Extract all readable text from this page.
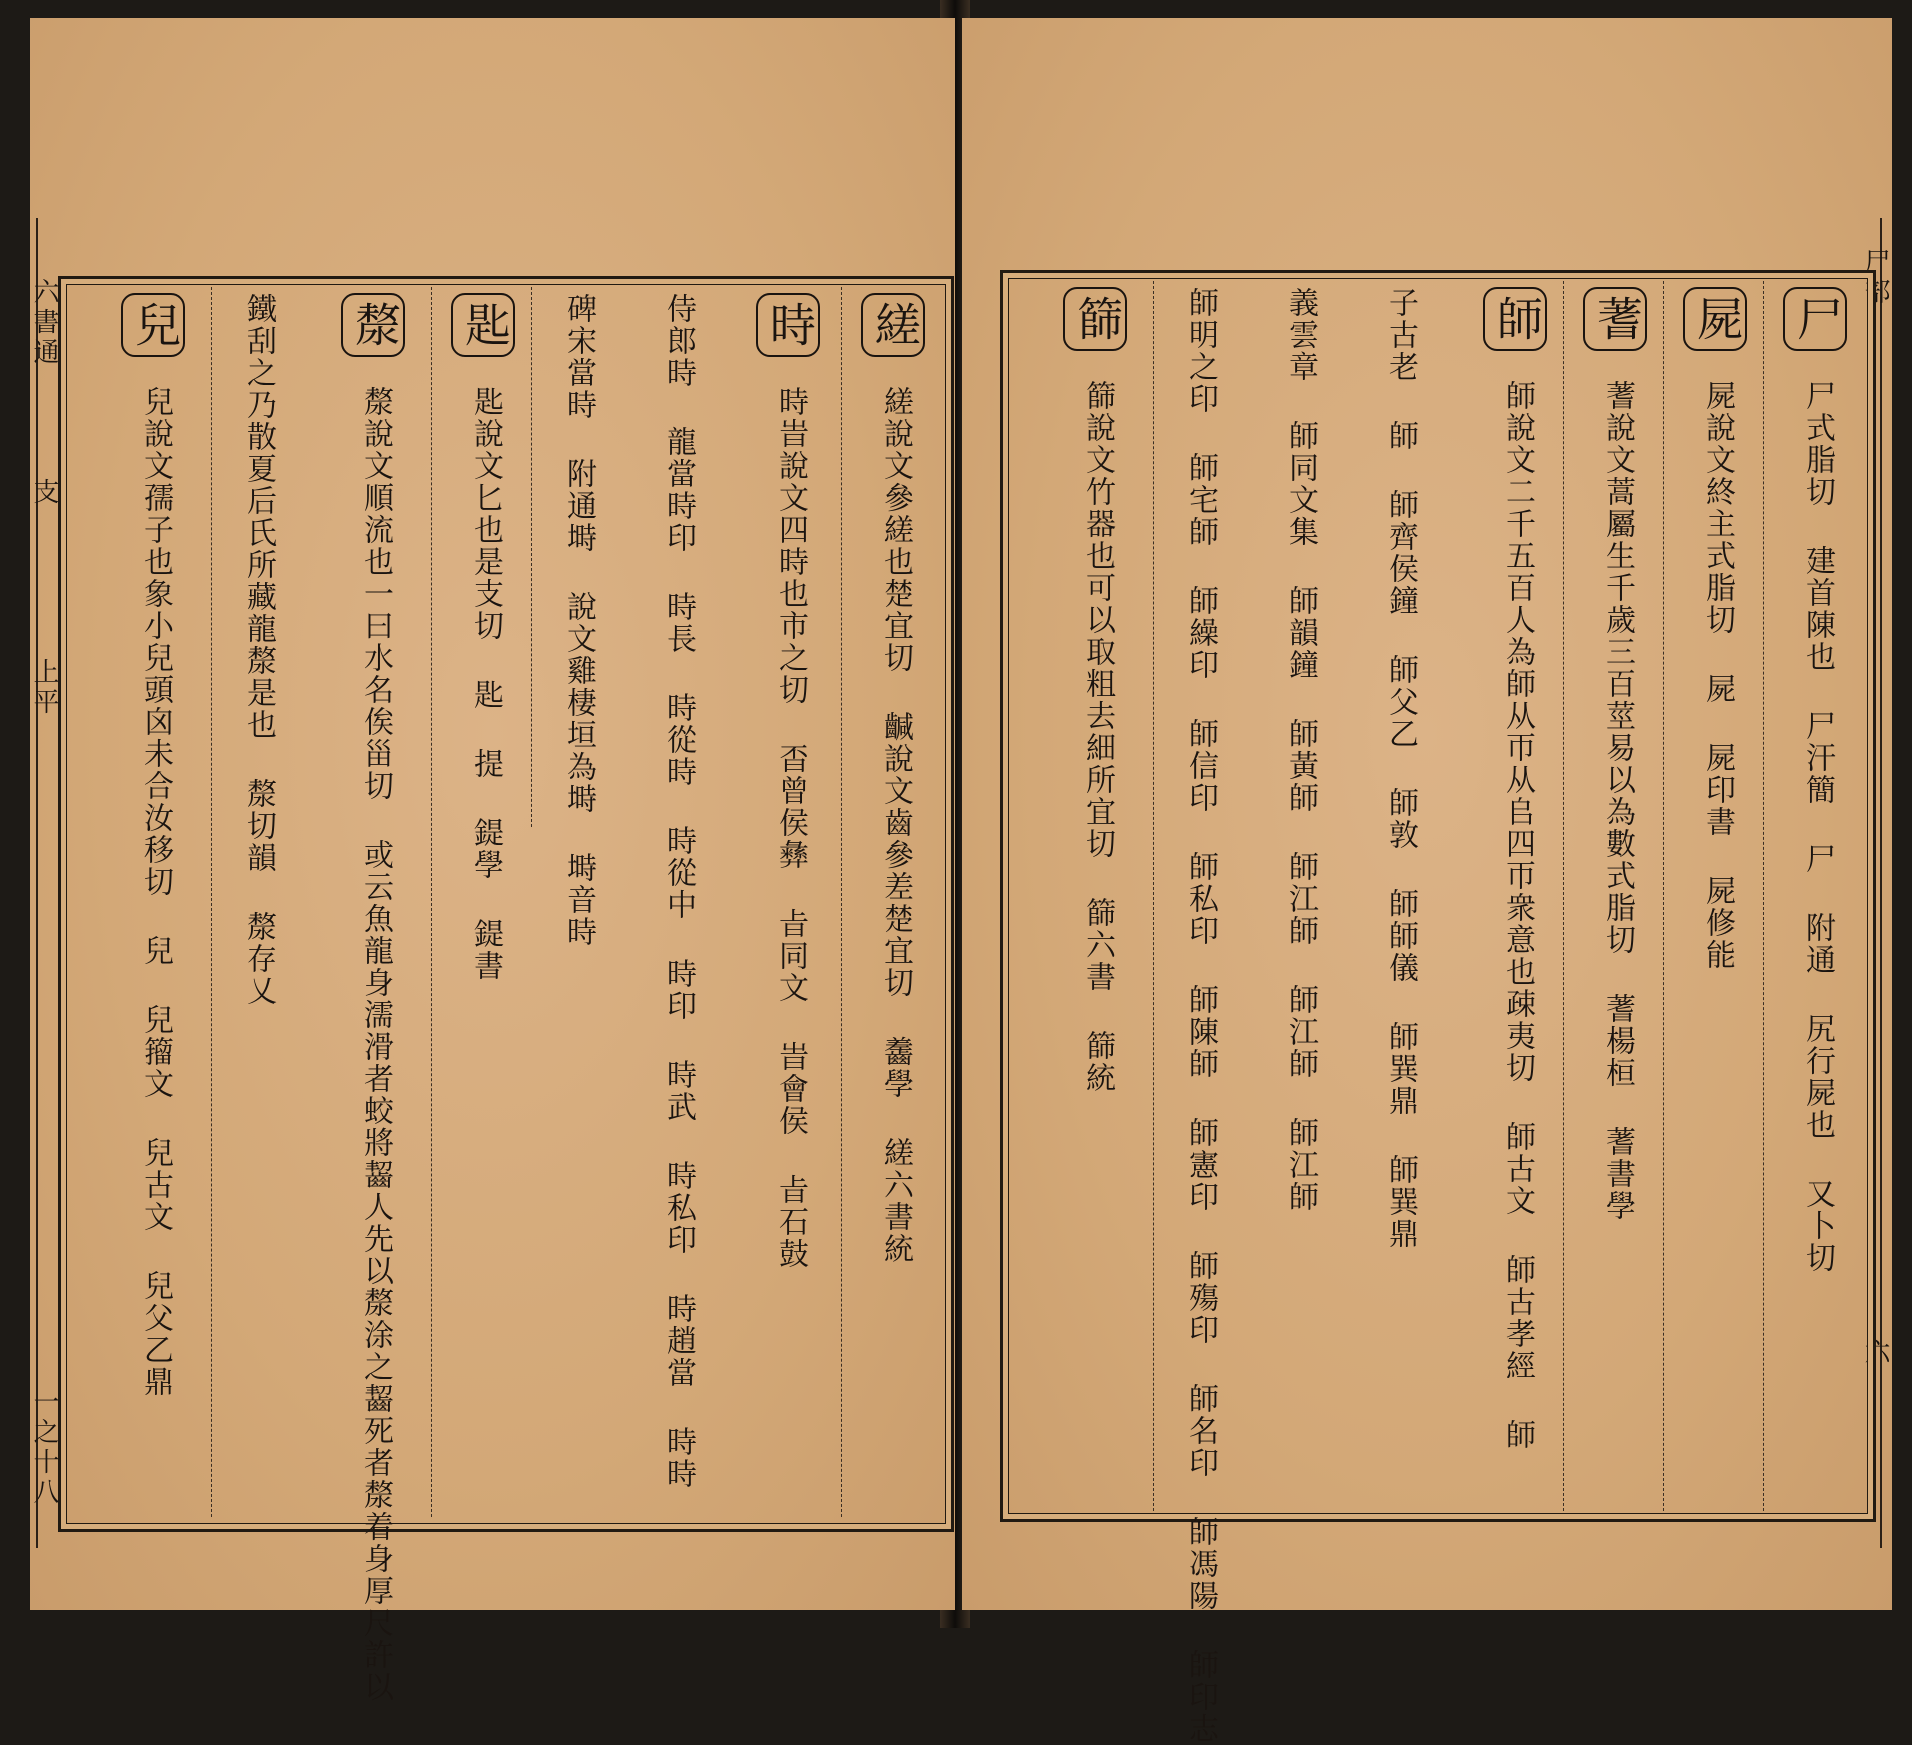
六書通
支
上平
一之十八
縒 縒說文參縒也楚宜切 䶢說文齒參差楚宜切 齹學 縒六書統
時 時旹說文四時也市之切 㫘曾侯彝 㫖同文 旹會侯 㫖石鼓
侍郎時 龍當時印 時長 時從時 時從中 時印 時武 時私印 時趙當 時時
碑宋當時 附通塒 說文雞棲垣為塒 塒音時
匙 匙說文匕也是支切 匙 提 鍉學 鍉書
漦 漦說文順流也一曰水名俟甾切 或云魚龍身濡滑者蛟將齧人先以漦涂之齧死者漦着身厚尺許以
鐵刮之乃散夏后氏所藏龍漦是也 漦切韻 漦存乂
兒 兒說文孺子也象小兒頭囟未合汝移切 兒 兒籀文 兒古文 兒父乙鼎
尸部
六
尸 尸式脂切 建首陳也 尸汗簡 尸 附通 尻行屍也 又卜切
屍 屍說文終主式脂切 屍 屍印書 屍修能
蓍 蓍說文蒿屬生千歲三百莖易以為數式脂切 蓍楊桓 蓍書學
師 師說文二千五百人為師从帀从𠂤四帀衆意也疎夷切 師古文 師古孝經 師
子古老 師 師齊侯鐘 師父乙 師敦 師師儀 師巽鼎 師巽鼎
義雲章 師同文集 師韻鐘 師黃師 師江師 師江師 師江師
師明之印 師宅師 師繰印 師信印 師私印 師陳師 師憲印 師殤印 師名印 師馮陽 師印志
篩 篩說文竹器也可以取粗去細所宜切 篩六書 篩統
